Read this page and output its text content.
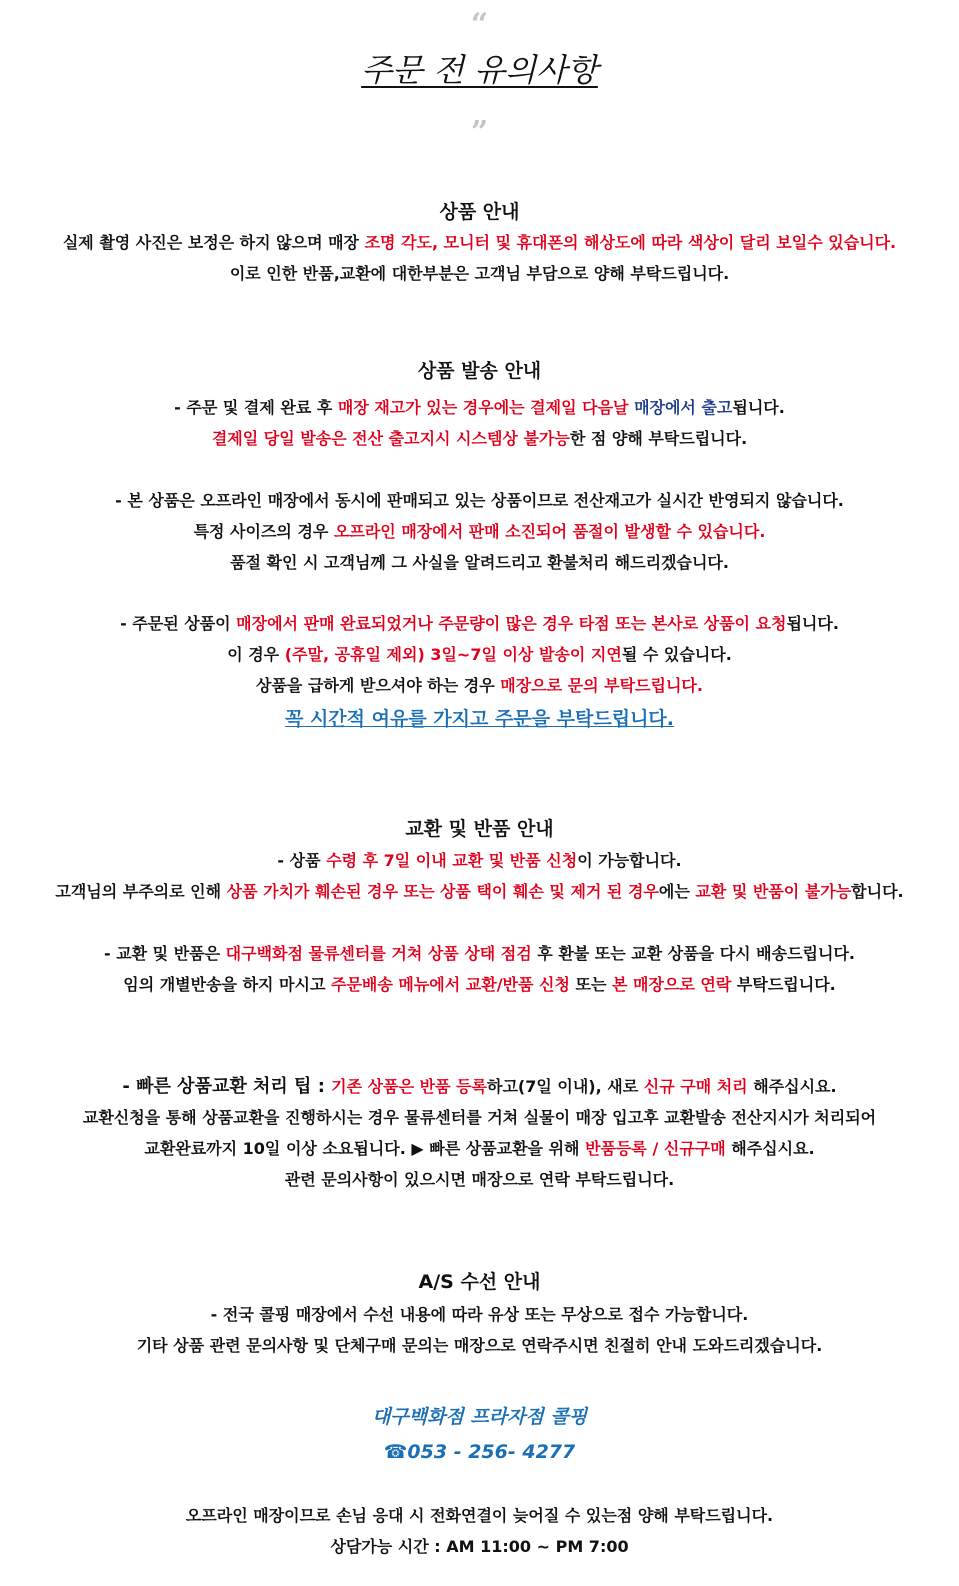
“
주문 전 유의사항
”
상품 안내
실제 촬영 사진은 보정은 하지 않으며 매장 조명 각도, 모니터 및 휴대폰의 해상도에 따라 색상이 달리 보일수 있습니다.
이로 인한 반품,교환에 대한부분은 고객님 부담으로 양해 부탁드립니다.
상품 발송 안내
- 주문 및 결제 완료 후 매장 재고가 있는 경우에는 결제일 다음날 매장에서 출고됩니다.
결제일 당일 발송은 전산 출고지시 시스템상 불가능한 점 양해 부탁드립니다.
- 본 상품은 오프라인 매장에서 동시에 판매되고 있는 상품이므로 전산재고가 실시간 반영되지 않습니다.
특정 사이즈의 경우 오프라인 매장에서 판매 소진되어 품절이 발생할 수 있습니다.
품절 확인 시 고객님께 그 사실을 알려드리고 환불처리 해드리겠습니다.
- 주문된 상품이 매장에서 판매 완료되었거나 주문량이 많은 경우 타점 또는 본사로 상품이 요청됩니다.
이 경우 (주말, 공휴일 제외) 3일~7일 이상 발송이 지연될 수 있습니다.
상품을 급하게 받으셔야 하는 경우 매장으로 문의 부탁드립니다.
꼭 시간적 여유를 가지고 주문을 부탁드립니다.
교환 및 반품 안내
- 상품 수령 후 7일 이내 교환 및 반품 신청이 가능합니다.
고객님의 부주의로 인해 상품 가치가 훼손된 경우 또는 상품 택이 훼손 및 제거 된 경우에는 교환 및 반품이 불가능합니다.
- 교환 및 반품은 대구백화점 물류센터를 거쳐 상품 상태 점검 후 환불 또는 교환 상품을 다시 배송드립니다.
임의 개별반송을 하지 마시고 주문배송 메뉴에서 교환/반품 신청 또는 본 매장으로 연락 부탁드립니다.
- 빠른 상품교환 처리 팁 : 기존 상품은 반품 등록하고(7일 이내), 새로 신규 구매 처리 해주십시요.
교환신청을 통해 상품교환을 진행하시는 경우 물류센터를 거쳐 실물이 매장 입고후 교환발송 전산지시가 처리되어
교환완료까지 10일 이상 소요됩니다. ▶ 빠른 상품교환을 위해 반품등록 / 신규구매 해주십시요.
관련 문의사항이 있으시면 매장으로 연락 부탁드립니다.
A/S 수선 안내
- 전국 콜핑 매장에서 수선 내용에 따라 유상 또는 무상으로 접수 가능합니다.
기타 상품 관련 문의사항 및 단체구매 문의는 매장으로 연락주시면 친절히 안내 도와드리겠습니다.
대구백화점 프라자점 콜핑
☎053 - 256- 4277
오프라인 매장이므로 손님 응대 시 전화연결이 늦어질 수 있는점 양해 부탁드립니다.
상담가능 시간 : AM 11:00 ~ PM 7:00
